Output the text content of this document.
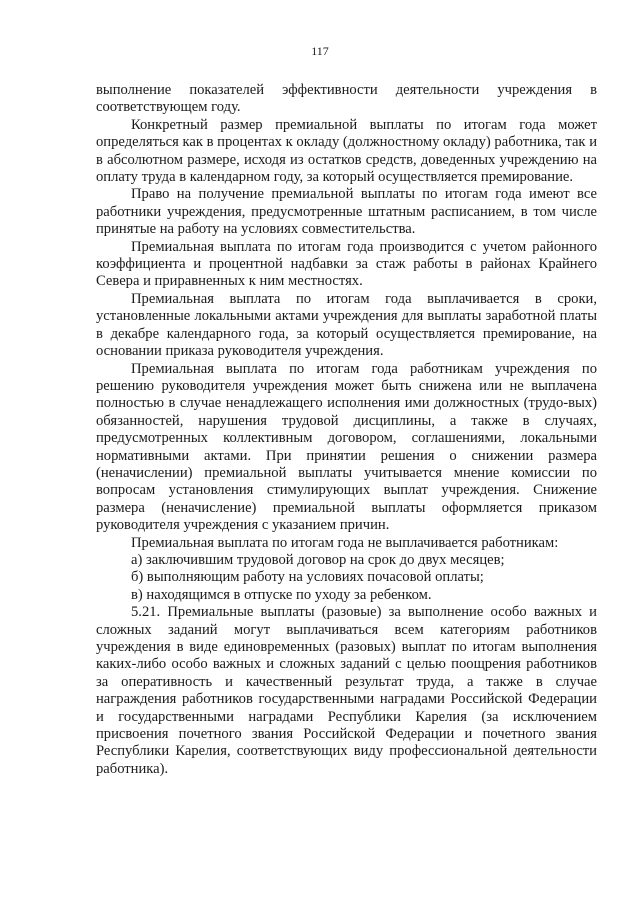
117

выполнение показателей эффективности деятельности учреждения в соответствующем году.

Конкретный размер премиальной выплаты по итогам года может определяться как в процентах к окладу (должностному окладу) работника, так и в абсолютном размере, исходя из остатков средств, доведенных учреждению на оплату труда в календарном году, за который осуществляется премирование.

Право на получение премиальной выплаты по итогам года имеют все работники учреждения, предусмотренные штатным расписанием, в том числе принятые на работу на условиях совместительства.

Премиальная выплата по итогам года производится с учетом районного коэффициента и процентной надбавки за стаж работы в районах Крайнего Севера и приравненных к ним местностях.

Премиальная выплата по итогам года выплачивается в сроки, установленные локальными актами учреждения для выплаты заработной платы в декабре календарного года, за который осуществляется премирование, на основании приказа руководителя учреждения.

Премиальная выплата по итогам года работникам учреждения по решению руководителя учреждения может быть снижена или не выплачена полностью в случае ненадлежащего исполнения ими должностных (трудо-вых) обязанностей, нарушения трудовой дисциплины, а также в случаях, предусмотренных коллективным договором, соглашениями, локальными нормативными актами. При принятии решения о снижении размера (неначислении) премиальной выплаты учитывается мнение комиссии по вопросам установления стимулирующих выплат учреждения. Снижение размера (неначисление) премиальной выплаты оформляется приказом руководителя учреждения с указанием причин.

Премиальная выплата по итогам года не выплачивается работникам:

а) заключившим трудовой договор на срок до двух месяцев;

б) выполняющим работу на условиях почасовой оплаты;

в) находящимся в отпуске по уходу за ребенком.

5.21. Премиальные выплаты (разовые) за выполнение особо важных и сложных заданий могут выплачиваться всем категориям работников учреждения в виде единовременных (разовых) выплат по итогам выполнения каких-либо особо важных и сложных заданий с целью поощрения работников за оперативность и качественный результат труда, а также в случае награждения работников государственными наградами Российской Федерации и государственными наградами Республики Карелия (за исключением присвоения почетного звания Российской Федерации и почетного звания Республики Карелия, соответствующих виду профессиональной деятельности работника).
